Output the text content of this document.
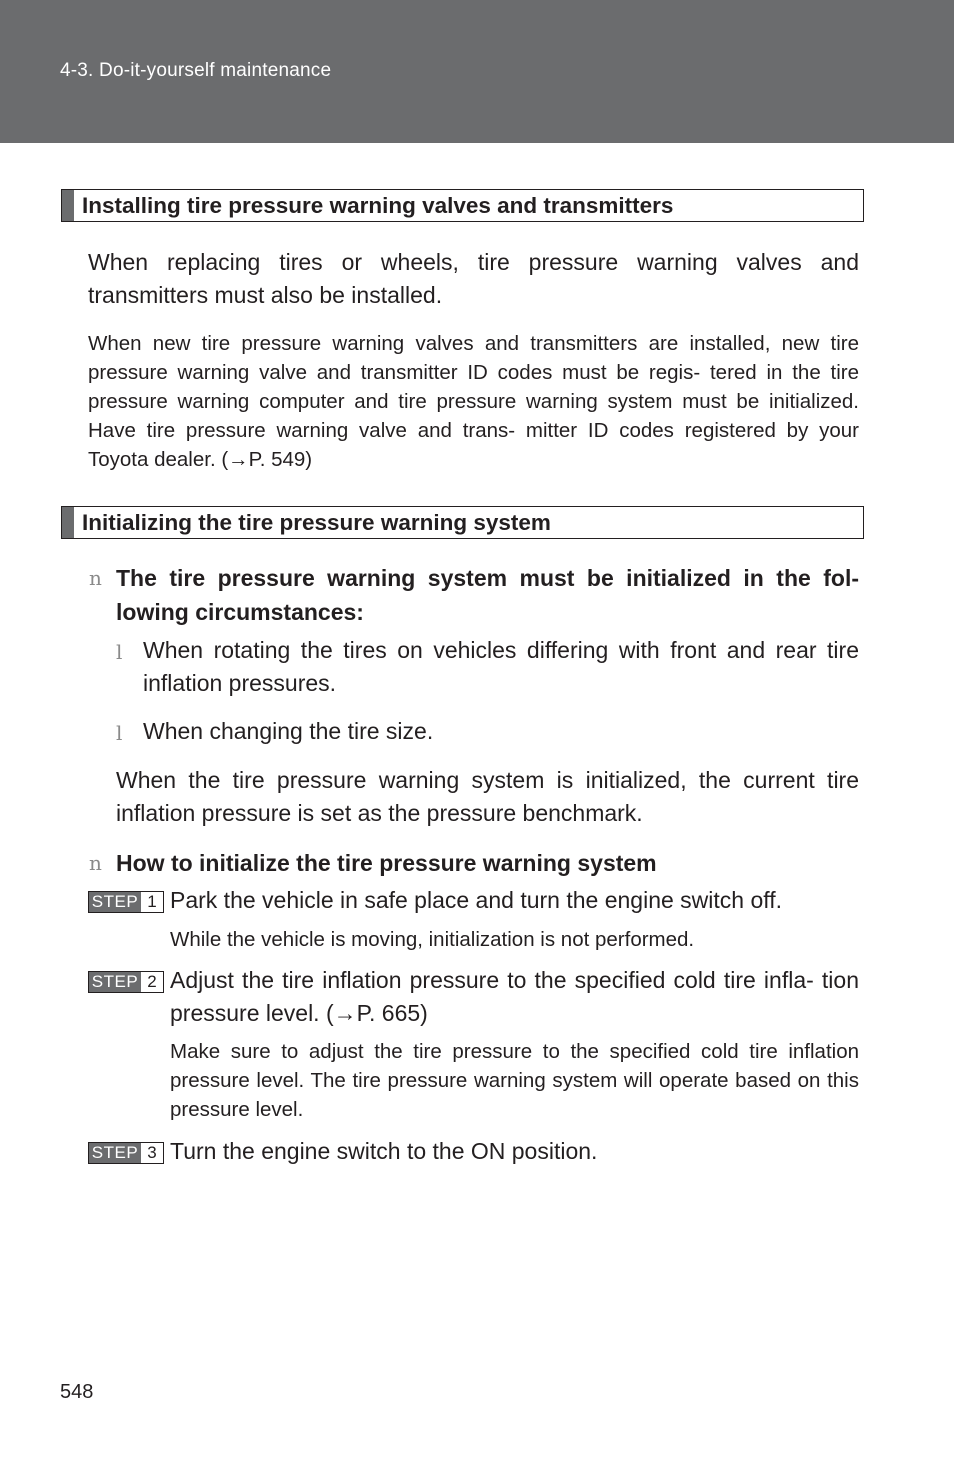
4-3. Do-it-yourself maintenance
Installing tire pressure warning valves and transmitters

When replacing tires or wheels, tire pressure warning valves and transmitters must also be installed.

When new tire pressure warning valves and transmitters are installed, new tire pressure warning valve and transmitter ID codes must be regis- tered in the tire pressure warning computer and tire pressure warning system must be initialized. Have tire pressure warning valve and trans- mitter ID codes registered by your Toyota dealer. (→P. 549)

Initializing the tire pressure warning system
n The tire pressure warning system must be initialized in the fol- lowing circumstances:

l When rotating the tires on vehicles differing with front and rear tire inflation pressures.

l When changing the tire size.

When the tire pressure warning system is initialized, the current tire inflation pressure is set as the pressure benchmark.

n How to initialize the tire pressure warning system

STEP 1 Park the vehicle in safe place and turn the engine switch off.

While the vehicle is moving, initialization is not performed.

STEP 2 Adjust the tire inflation pressure to the specified cold tire infla- tion pressure level. (→P. 665)

Make sure to adjust the tire pressure to the specified cold tire inflation pressure level. The tire pressure warning system will operate based on this pressure level.

STEP 3 Turn the engine switch to the ON position.

548
